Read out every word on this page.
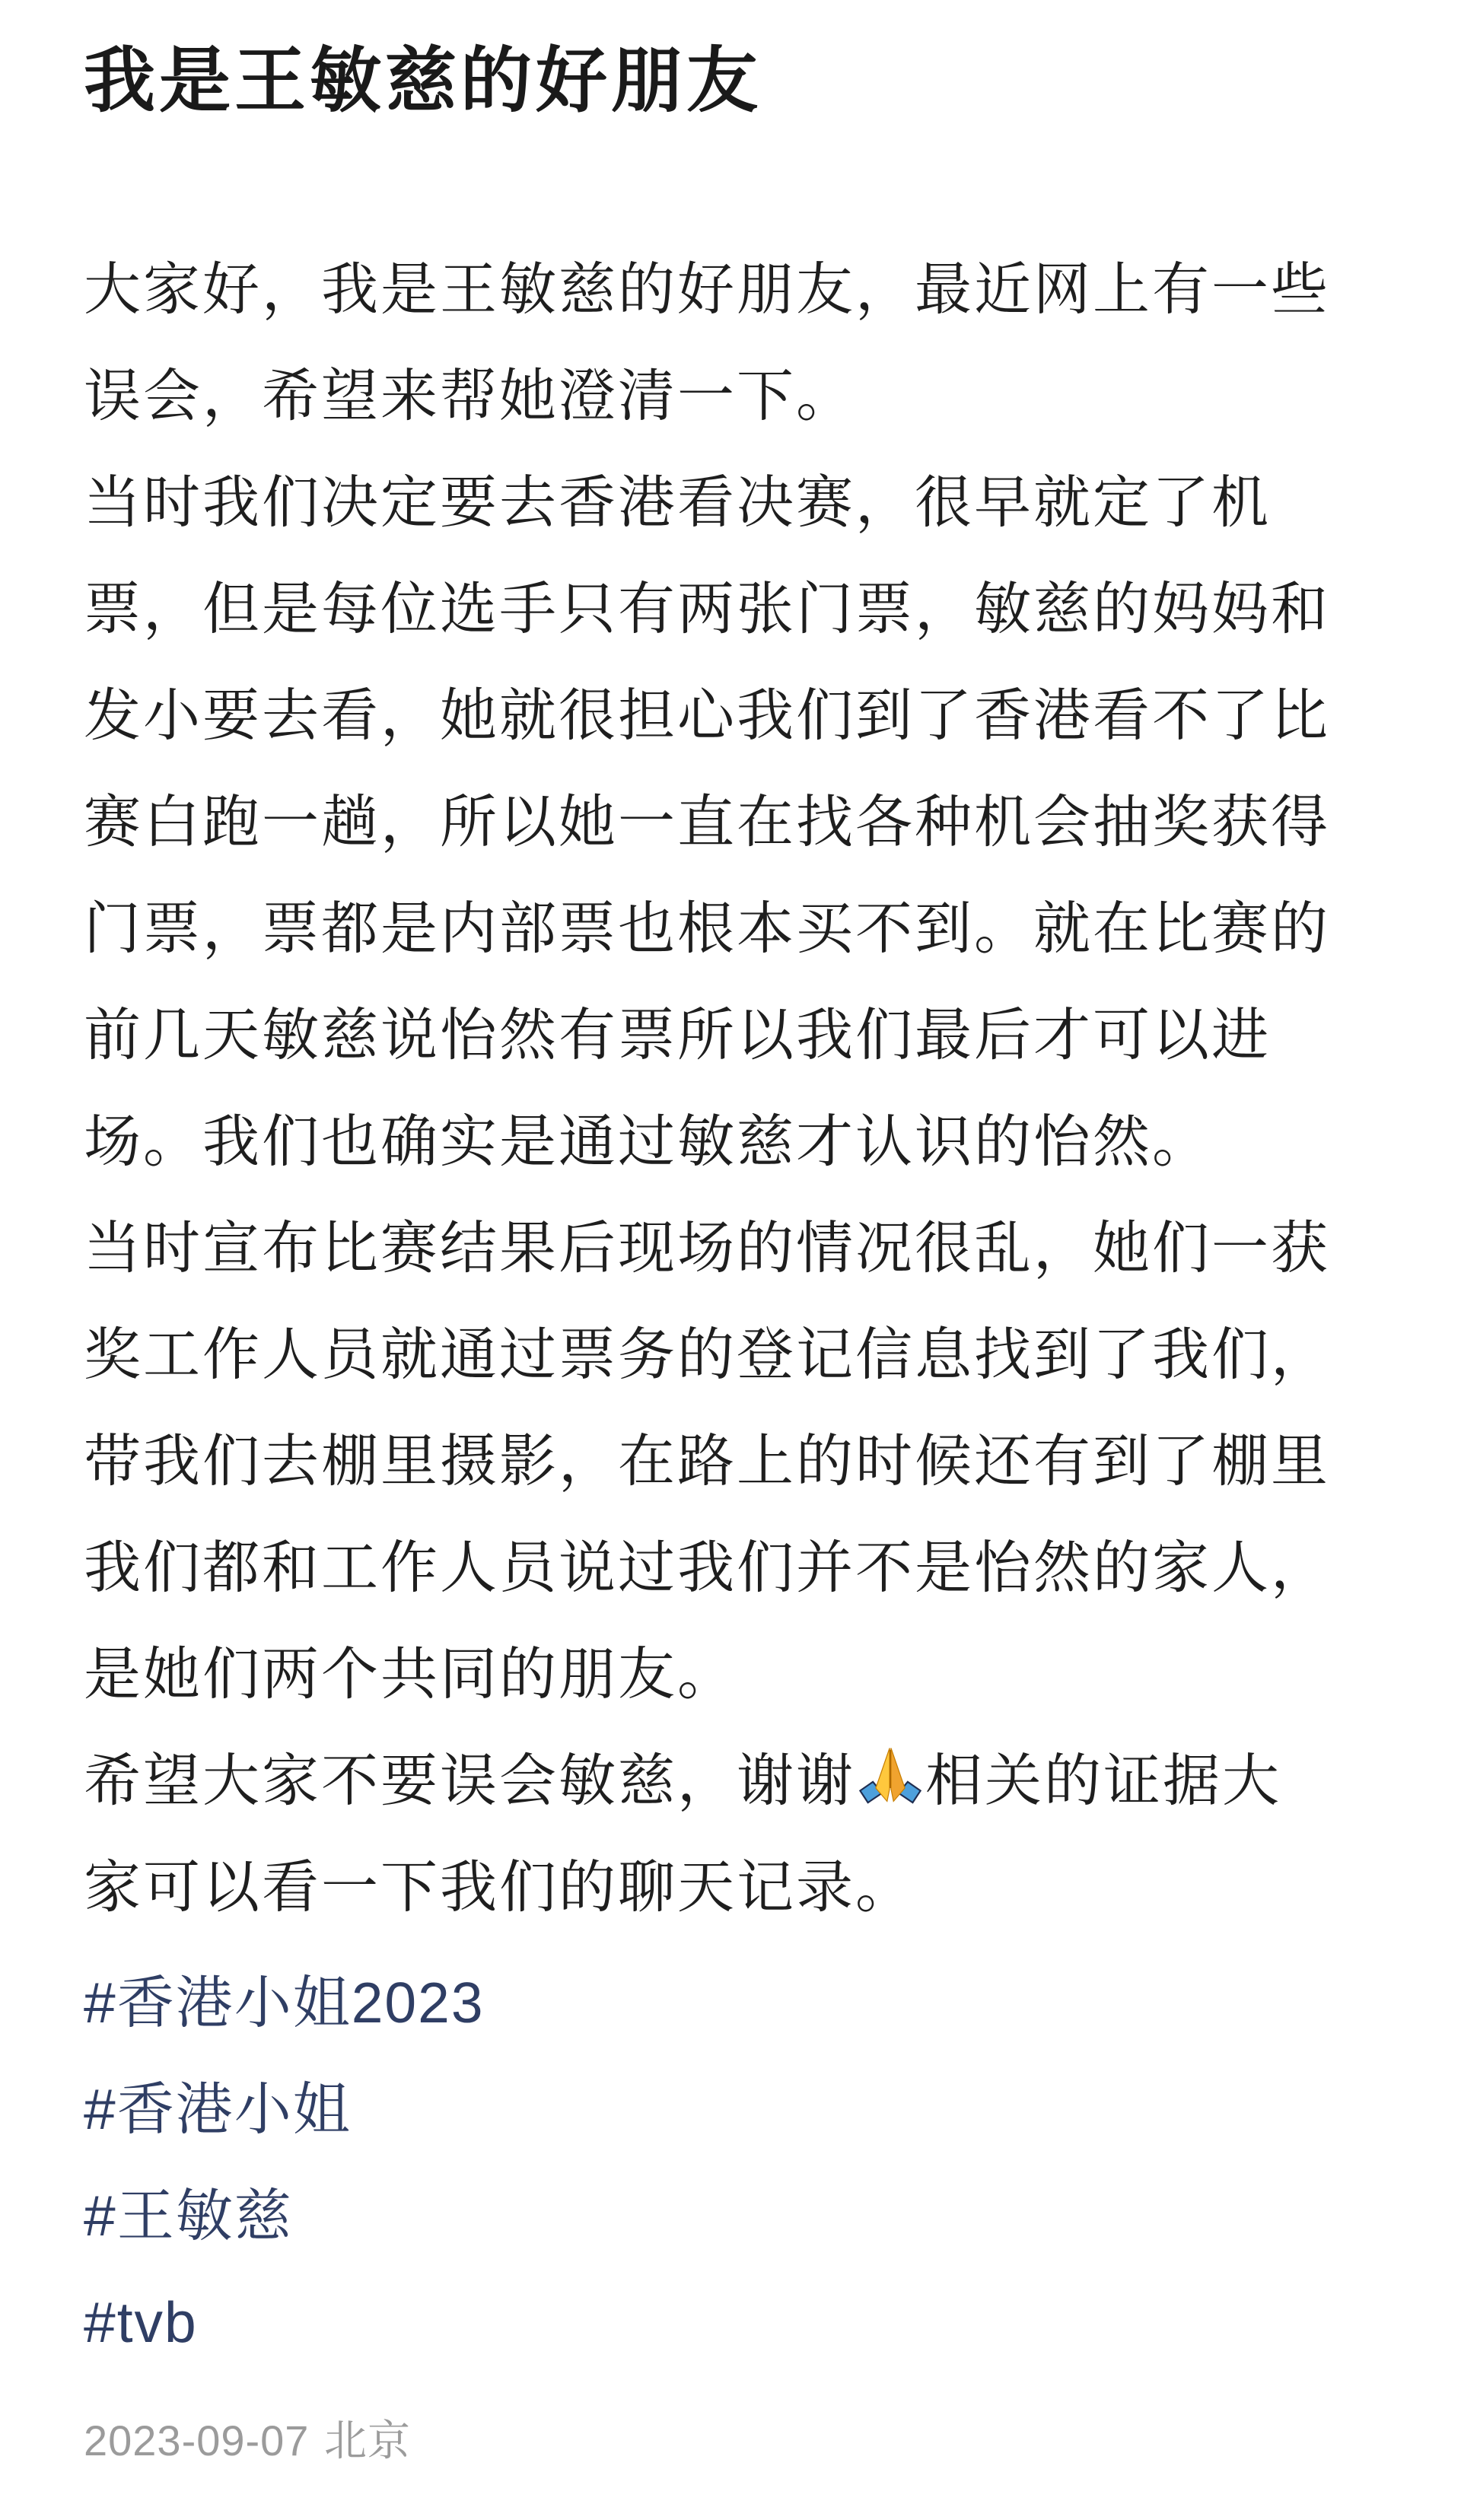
我是王敏慈的好朋友
大家好，我是王敏慈的好朋友，最近网上有一些
误会，希望来帮她澄清一下。
当时我们决定要去香港看决赛，很早就定了机
票，但是每位选手只有两张门票，敏慈的妈妈和
发小要去看，她就很担心我们到了香港看不了比
赛白跑一趟，所以她一直在找各种机会抽奖获得
门票，票都是内部票也根本买不到。就在比赛的
前几天敏慈说怡然有票所以我们最后才可以进
场。我们也确实是通过敏慈才认识的怡然。
当时宣布比赛结果后现场的情况很乱，她们一获
奖工作人员就通过票务的登记信息找到了我们，
带我们去棚里摄影，在路上的时候还有到了棚里
我们都和工作人员说过我们并不是怡然的家人，
是她们两个共同的朋友。
希望大家不要误会敏慈，谢谢 相关的证据大
家可以看一下我们的聊天记录。
#香港小姐2023
#香港小姐
#王敏慈
#tvb
2023-09-07 北京
